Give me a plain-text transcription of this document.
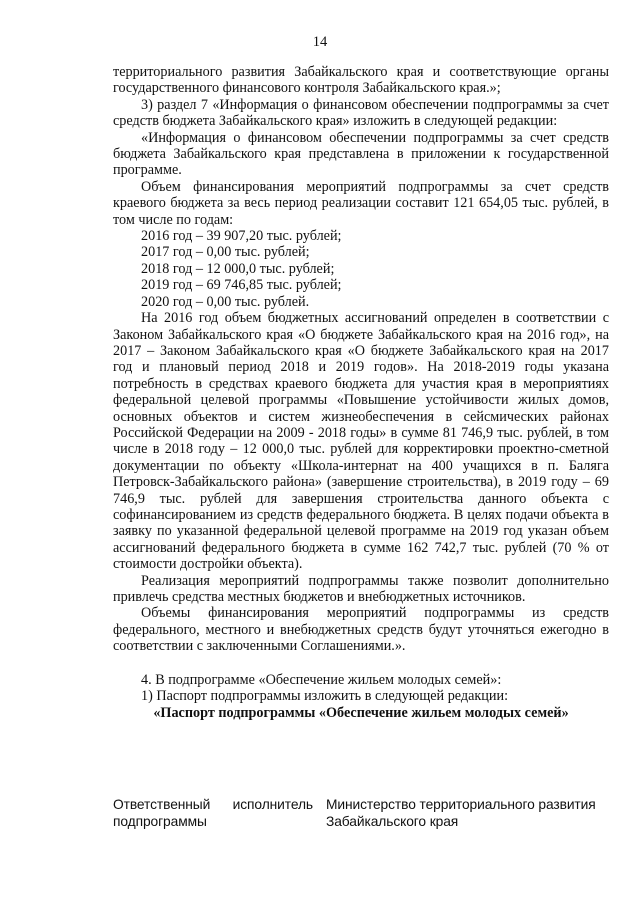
14

территориального развития Забайкальского края и соответствующие органы государственного финансового контроля Забайкальского края.»;

3) раздел 7 «Информация о финансовом обеспечении подпрограммы за счет средств бюджета Забайкальского края» изложить в следующей редакции:

«Информация о финансовом обеспечении подпрограммы за счет средств бюджета Забайкальского края представлена в приложении к государственной программе.

Объем финансирования мероприятий подпрограммы за счет средств краевого бюджета за весь период реализации составит 121 654,05 тыс. рублей, в том числе по годам:

2016 год – 39 907,20 тыс. рублей;
2017 год – 0,00 тыс. рублей;
2018 год – 12 000,0 тыс. рублей;
2019 год – 69 746,85 тыс. рублей;
2020 год – 0,00 тыс. рублей.

На 2016 год объем бюджетных ассигнований определен в соответствии с Законом Забайкальского края «О бюджете Забайкальского края на 2016 год», на 2017 – Законом Забайкальского края «О бюджете Забайкальского края на 2017 год и плановый период 2018 и 2019 годов». На 2018-2019 годы указана потребность в средствах краевого бюджета для участия края в мероприятиях федеральной целевой программы «Повышение устойчивости жилых домов, основных объектов и систем жизнеобеспечения в сейсмических районах Российской Федерации на 2009 - 2018 годы» в сумме 81 746,9 тыс. рублей, в том числе в 2018 году – 12 000,0 тыс. рублей для корректировки проектно-сметной документации по объекту «Школа-интернат на 400 учащихся в п. Баляга Петровск-Забайкальского района» (завершение строительства), в 2019 году – 69 746,9 тыс. рублей для завершения строительства данного объекта с софинансированием из средств федерального бюджета. В целях подачи объекта в заявку по указанной федеральной целевой программе на 2019 год указан объем ассигнований федерального бюджета в сумме 162 742,7 тыс. рублей (70 % от стоимости достройки объекта).

Реализация мероприятий подпрограммы также позволит дополнительно привлечь средства местных бюджетов и внебюджетных источников.

Объемы финансирования мероприятий подпрограммы из средств федерального, местного и внебюджетных средств будут уточняться ежегодно в соответствии с заключенными Соглашениями.».

4. В подпрограмме «Обеспечение жильем молодых семей»:

1) Паспорт подпрограммы изложить в следующей редакции:

«Паспорт подпрограммы «Обеспечение жильем молодых семей»

Ответственный исполнитель подпрограммы
Министерство территориального развития Забайкальского края
